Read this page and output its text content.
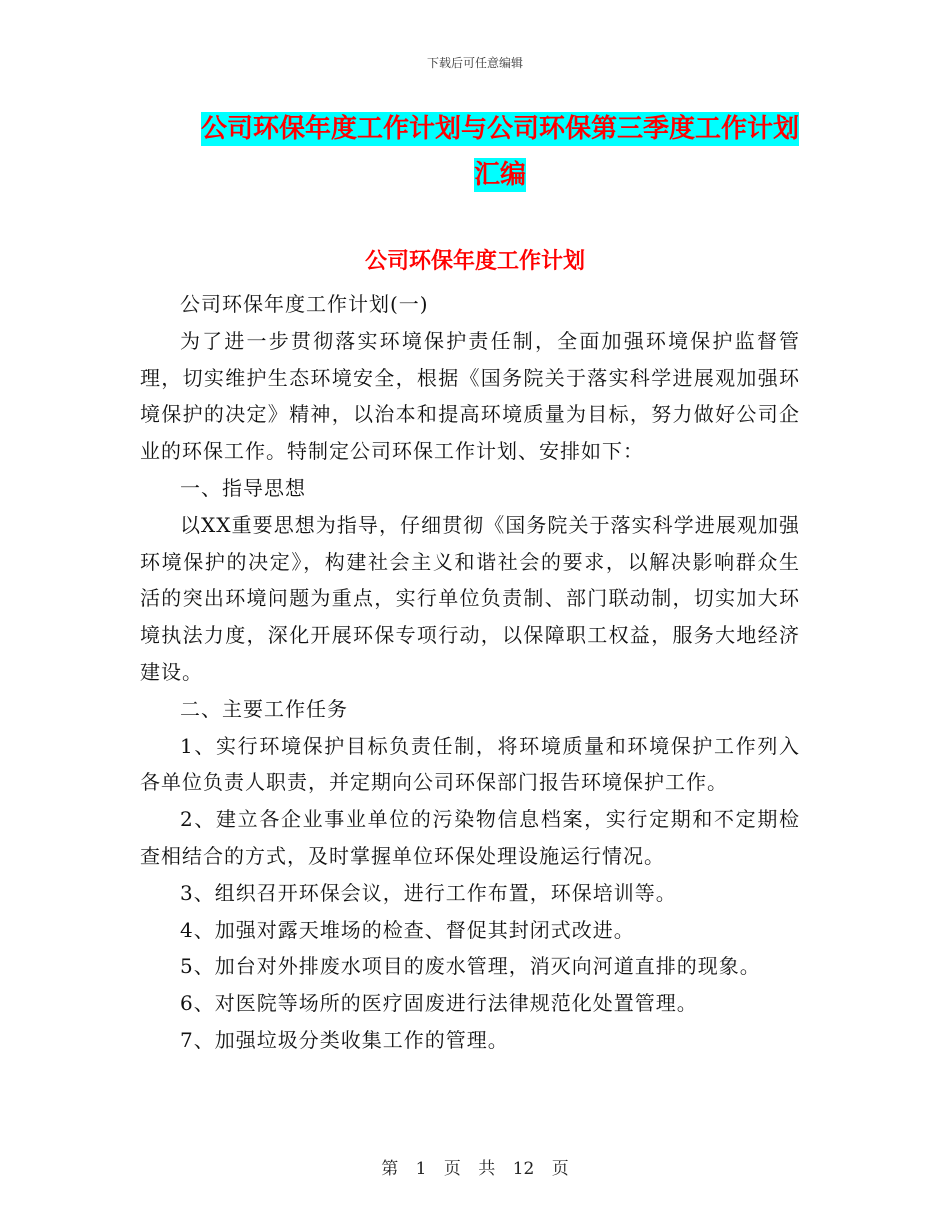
下载后可任意编辑
公司环保年度工作计划与公司环保第三季度工作计划
汇编
公司环保年度工作计划

公司环保年度工作计划(一)

为了进一步贯彻落实环境保护责任制，全面加强环境保护监督管理，切实维护生态环境安全，根据《国务院关于落实科学进展观加强环境保护的决定》精神，以治本和提高环境质量为目标，努力做好公司企业的环保工作。特制定公司环保工作计划、安排如下：

一、指导思想

以XX重要思想为指导，仔细贯彻《国务院关于落实科学进展观加强环境保护的决定》，构建社会主义和谐社会的要求，以解决影响群众生活的突出环境问题为重点，实行单位负责制、部门联动制，切实加大环境执法力度，深化开展环保专项行动，以保障职工权益，服务大地经济建设。

二、主要工作任务

1、实行环境保护目标负责任制，将环境质量和环境保护工作列入各单位负责人职责，并定期向公司环保部门报告环境保护工作。

2、建立各企业事业单位的污染物信息档案，实行定期和不定期检查相结合的方式，及时掌握单位环保处理设施运行情况。

3、组织召开环保会议，进行工作布置，环保培训等。

4、加强对露天堆场的检查、督促其封闭式改进。

5、加台对外排废水项目的废水管理，消灭向河道直排的现象。

6、对医院等场所的医疗固废进行法律规范化处置管理。

7、加强垃圾分类收集工作的管理。

第 1 页 共 12 页
